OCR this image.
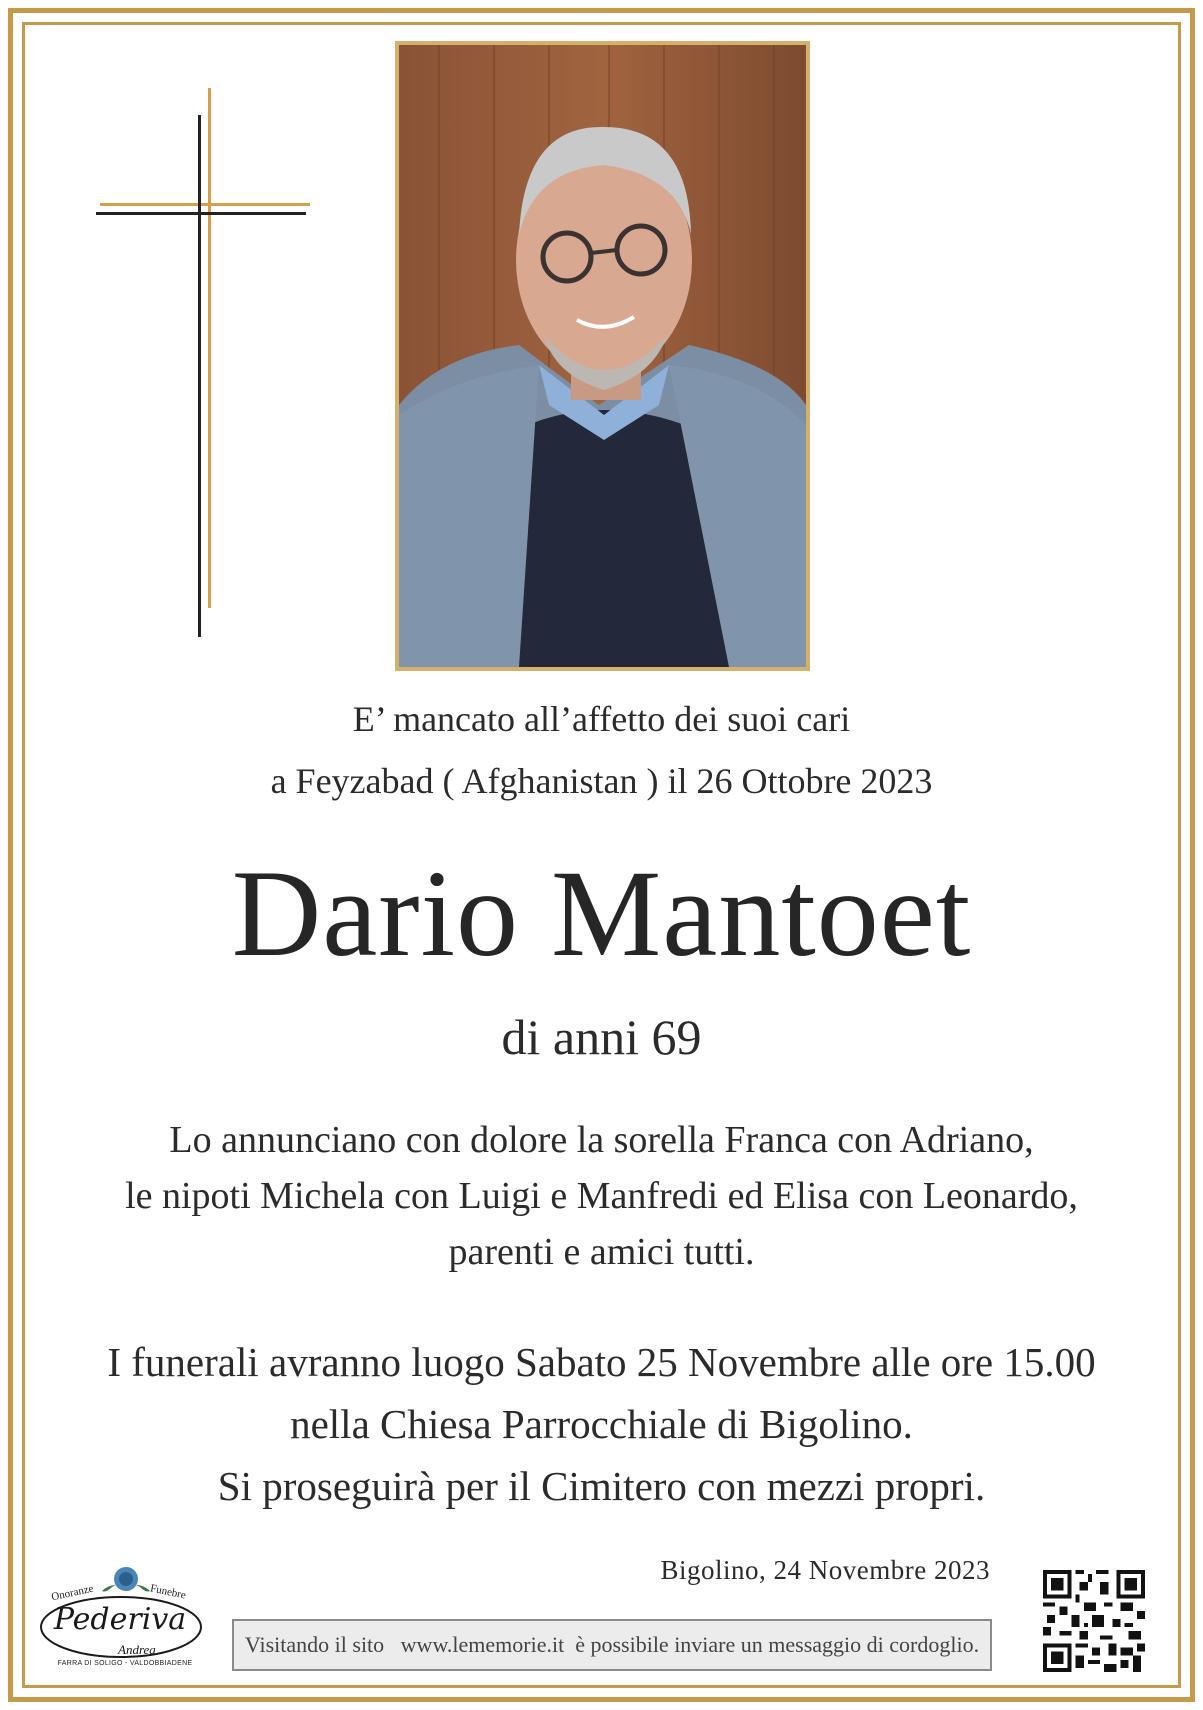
E’ mancato all’affetto dei suoi cari
a Feyzabad ( Afghanistan ) il 26 Ottobre 2023
Dario Mantoet
di anni 69
Lo annunciano con dolore la sorella Franca con Adriano,
le nipoti Michela con Luigi e Manfredi ed Elisa con Leonardo,
parenti e amici tutti.
I funerali avranno luogo Sabato 25 Novembre alle ore 15.00
nella Chiesa Parrocchiale di Bigolino.
Si proseguirà per il Cimitero con mezzi propri.
Bigolino, 24 Novembre 2023
Visitando il sito
www.lememorie.it
è possibile inviare un messaggio di cordoglio.
Onoranze	Funebre
Pederiva
Andrea
FARRA DI SOLIGO - VALDOBBIADENE
